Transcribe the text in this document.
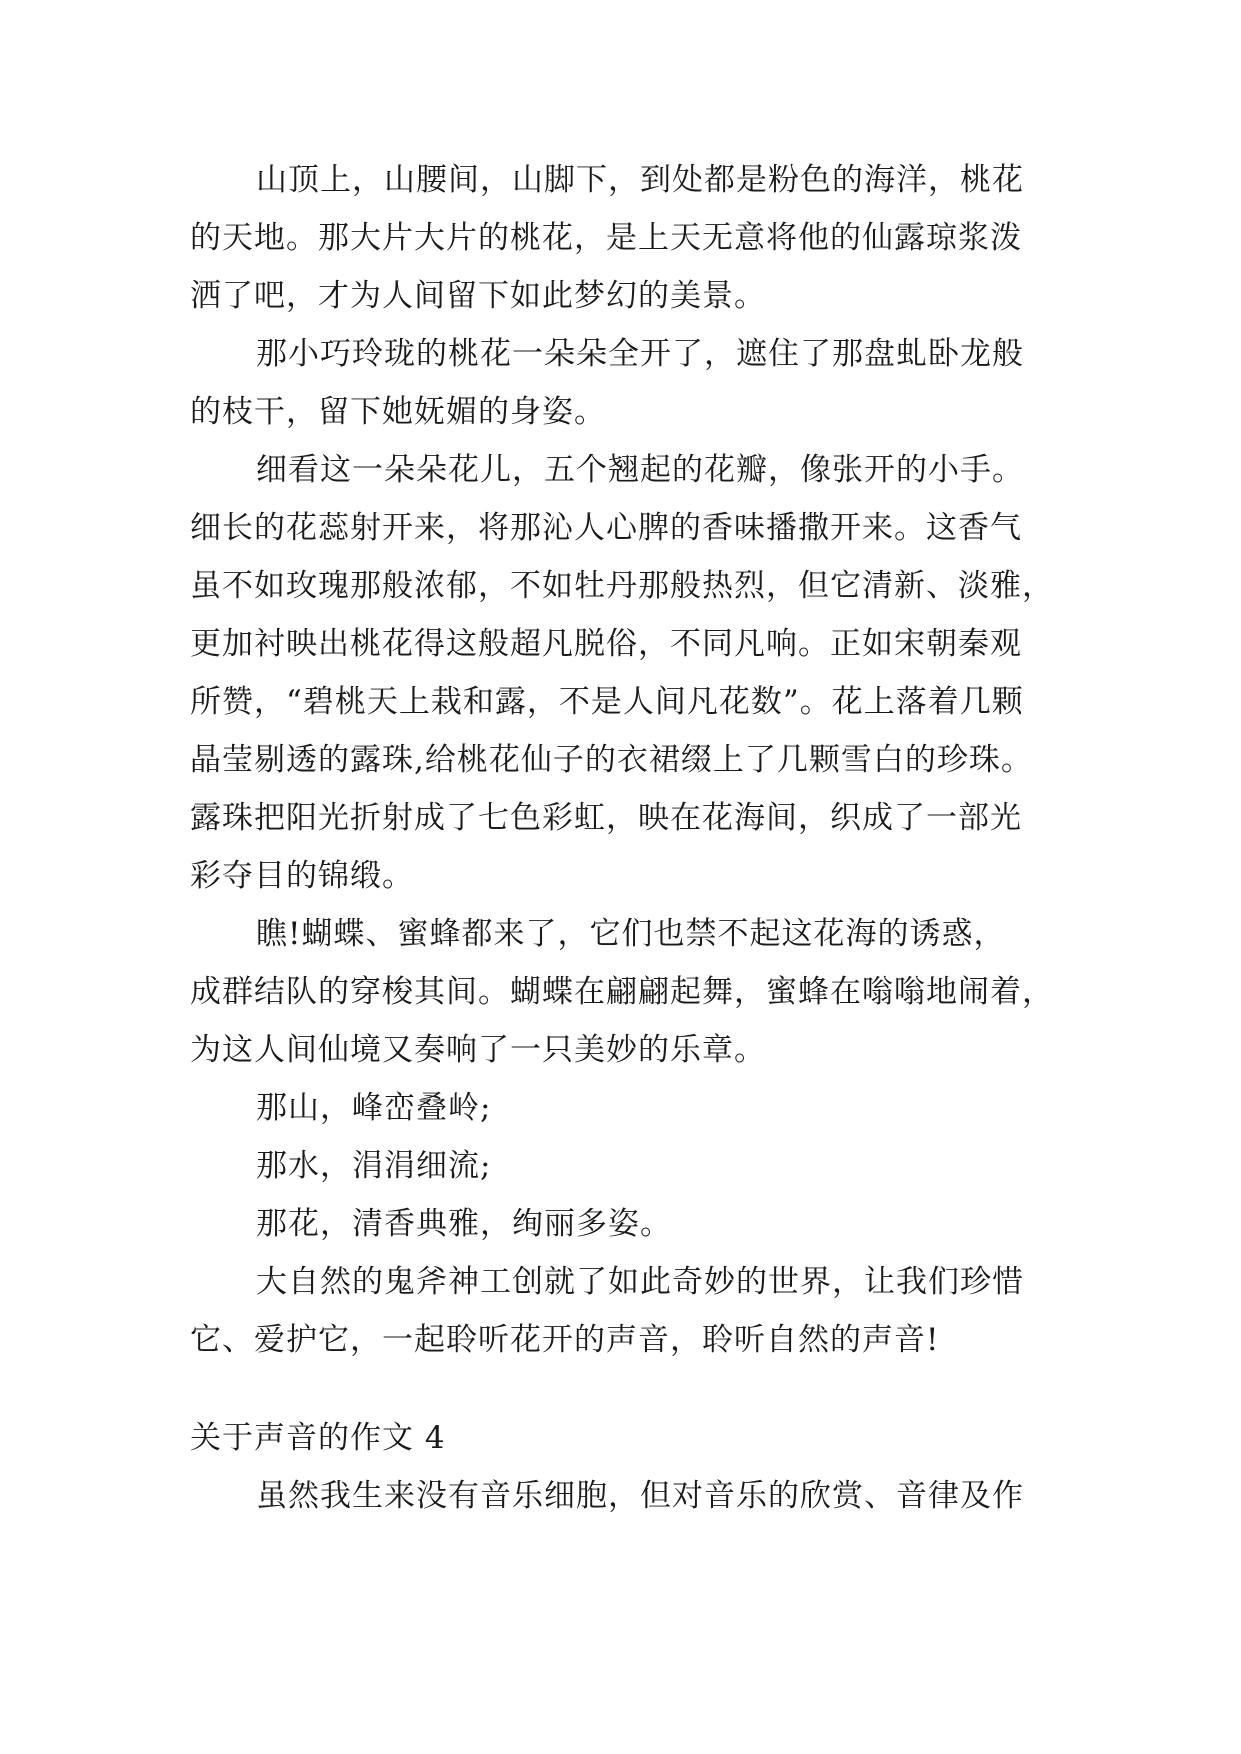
山顶上，山腰间，山脚下，到处都是粉色的海洋，桃花
的天地。那大片大片的桃花，是上天无意将他的仙露琼浆泼
洒了吧，才为人间留下如此梦幻的美景。
那小巧玲珑的桃花一朵朵全开了，遮住了那盘虬卧龙般
的枝干，留下她妩媚的身姿。
细看这一朵朵花儿，五个翘起的花瓣，像张开的小手。
细长的花蕊射开来，将那沁人心脾的香味播撒开来。这香气
虽不如玫瑰那般浓郁，不如牡丹那般热烈，但它清新、淡雅，
更加衬映出桃花得这般超凡脱俗，不同凡响。正如宋朝秦观
所赞，“碧桃天上栽和露，不是人间凡花数”。花上落着几颗
晶莹剔透的露珠,给桃花仙子的衣裙缀上了几颗雪白的珍珠。
露珠把阳光折射成了七色彩虹，映在花海间，织成了一部光
彩夺目的锦缎。
瞧!蝴蝶、蜜蜂都来了，它们也禁不起这花海的诱惑，
成群结队的穿梭其间。蝴蝶在翩翩起舞，蜜蜂在嗡嗡地闹着，
为这人间仙境又奏响了一只美妙的乐章。
那山，峰峦叠岭;
那水，涓涓细流;
那花，清香典雅，绚丽多姿。
大自然的鬼斧神工创就了如此奇妙的世界，让我们珍惜
它、爱护它，一起聆听花开的声音，聆听自然的声音!
关于声音的作文 4
虽然我生来没有音乐细胞，但对音乐的欣赏、音律及作
